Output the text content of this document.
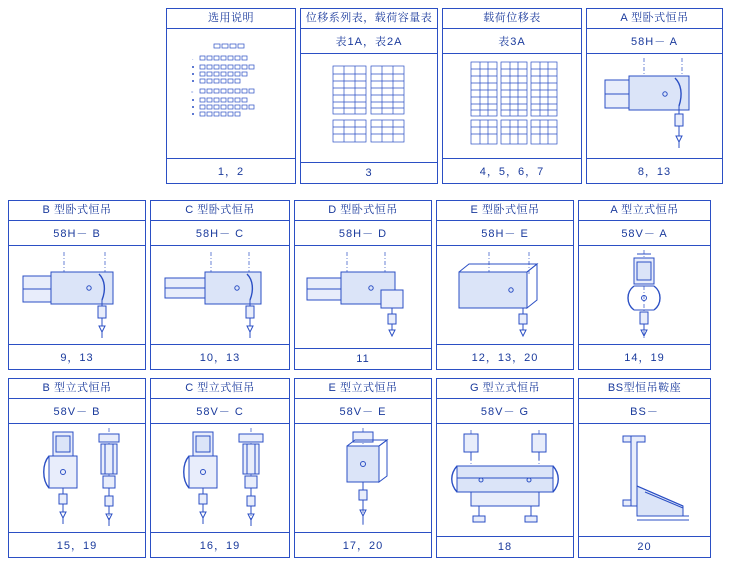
选用说明
-
=
1，2
位移系列表，载荷容量表
表1A，表2A
3
载荷位移表
表3A
4，5，6，7
A 型卧式恒吊
58H－ A
8，13
B 型卧式恒吊
58H－ B
9，13
C 型卧式恒吊
58H－ C
10，13
D 型卧式恒吊
58H－ D
11
E 型卧式恒吊
58H－ E
12，13，20
A 型立式恒吊
58V－ A
14，19
B 型立式恒吊
58V－ B
15，19
C 型立式恒吊
58V－ C
16，19
E 型立式恒吊
58V－ E
17，20
G 型立式恒吊
58V－ G
18
BS型恒吊鞍座
BS－
20
